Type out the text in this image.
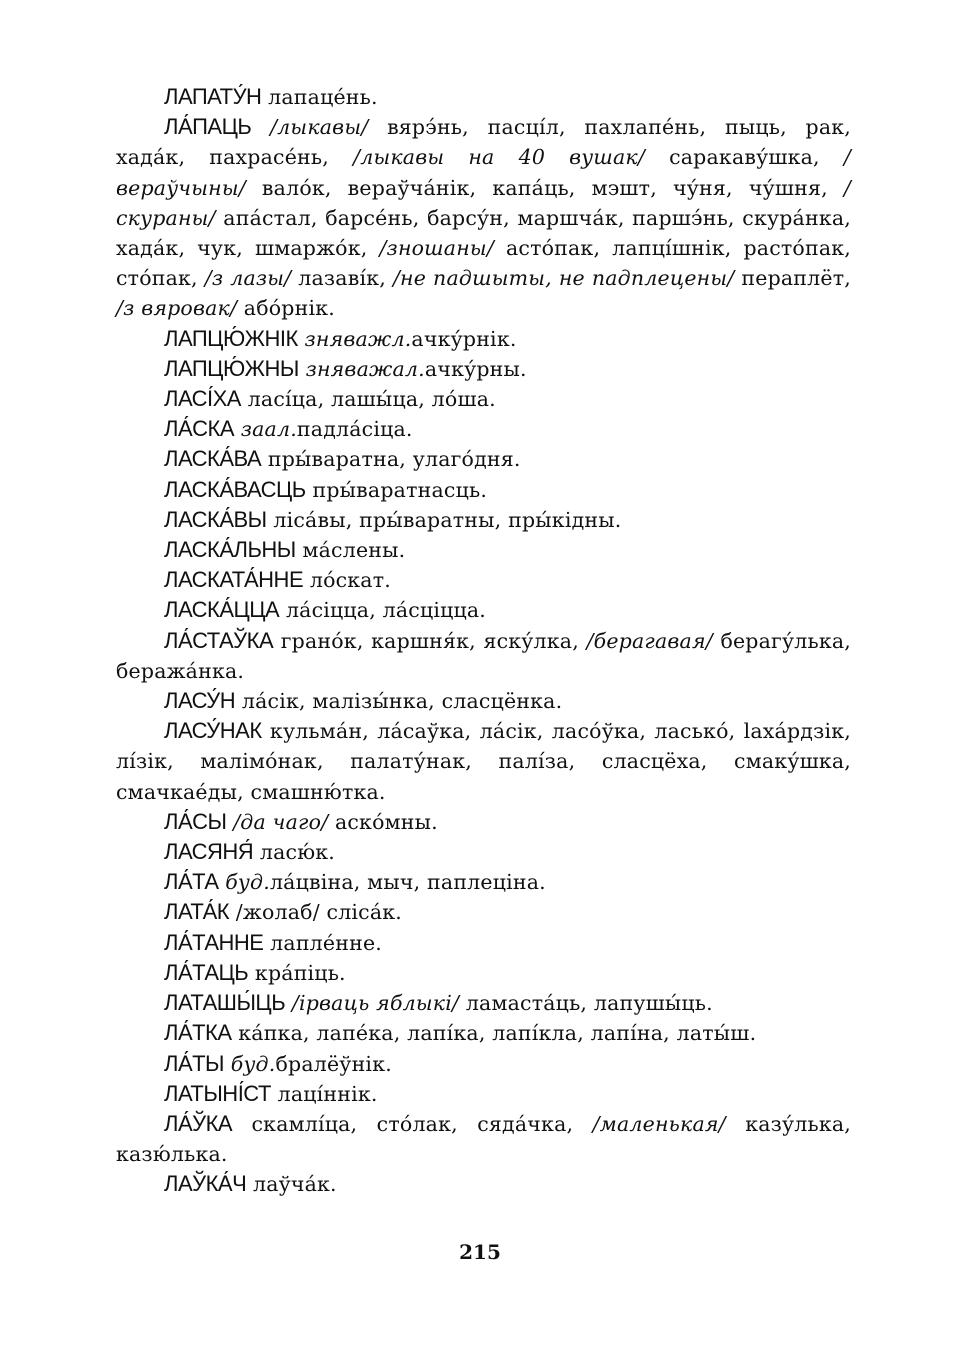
ЛАПАТУ́Н лапаце́нь.

ЛА́ПАЦЬ /лыкавы/ вярэ́нь, пасці́л, пахлапе́нь, пыць, рак, хада́к, пахрасе́нь, /лыкавы на 40 вушак/ саракаву́шка, /вераўчыны/ вало́к, вераўча́нік, капа́ць, мэшт, чу́ня, чу́шня, /скураны/ апа́стал, барсе́нь, барсу́н, маршча́к, паршэ́нь, скура́нка, хада́к, чук, шмаржо́к, /зношаны/ асто́пак, лапці́шнік, расто́пак, сто́пак, /з лазы/ лазаві́к, /не падшыты, не падплецены/ пераплёт, /з вяровак/ або́рнік.

ЛАПЦЮ́ЖНІК зняважл.ачку́рнік.

ЛАПЦЮ́ЖНЫ зняважал.ачку́рны.

ЛАСІ́ХА ласі́ца, лашы́ца, ло́ша.

ЛА́СКА заал.падла́сіца.

ЛАСКА́ВА пры́варатна, улаго́дня.

ЛАСКА́ВАСЦЬ пры́варатнасць.

ЛАСКА́ВЫ ліса́вы, пры́варатны, пры́кідны.

ЛАСКА́ЛЬНЫ ма́слены.

ЛАСКАТА́ННЕ ло́скат.

ЛАСКА́ЦЦА ла́сіцца, ла́сціцца.

ЛА́СТАЎКА грано́к, каршня́к, яску́лка, /берагавая/ берагу́лька, беража́нка.

ЛАСУ́Н ла́сік, малізы́нка, сласцёнка.

ЛАСУ́НАК кульма́н, ла́саўка, ла́сік, ласо́ўка, ласько́, laха́рдзік, лі́зік, малімо́нак, палату́нак, палі́за, сласцёха, смаку́шка, смачкае́ды, смашню́тка.

ЛА́СЫ /да чаго/ аско́мны.

ЛАСЯНЯ́ ласю́к.

ЛА́ТА буд.ла́цвіна, мыч, паплеціна.

ЛАТА́К /жолаб/ сліса́к.

ЛА́ТАННЕ лапле́нне.

ЛА́ТАЦЬ кра́піць.

ЛАТАШЫ́ЦЬ /ірваць яблыкі/ ламаста́ць, лапушы́ць.

ЛА́ТКА ка́пка, лапе́ка, лапі́ка, лапі́кла, лапі́на, латы́ш.

ЛА́ТЫ буд.бралёўнік.

ЛАТЫНІ́СТ лаці́ннік.

ЛА́ЎКА скамлі́ца, сто́лак, сяда́чка, /маленькая/ казу́лька, казю́лька.

ЛАЎКА́Ч лаўча́к.

215
